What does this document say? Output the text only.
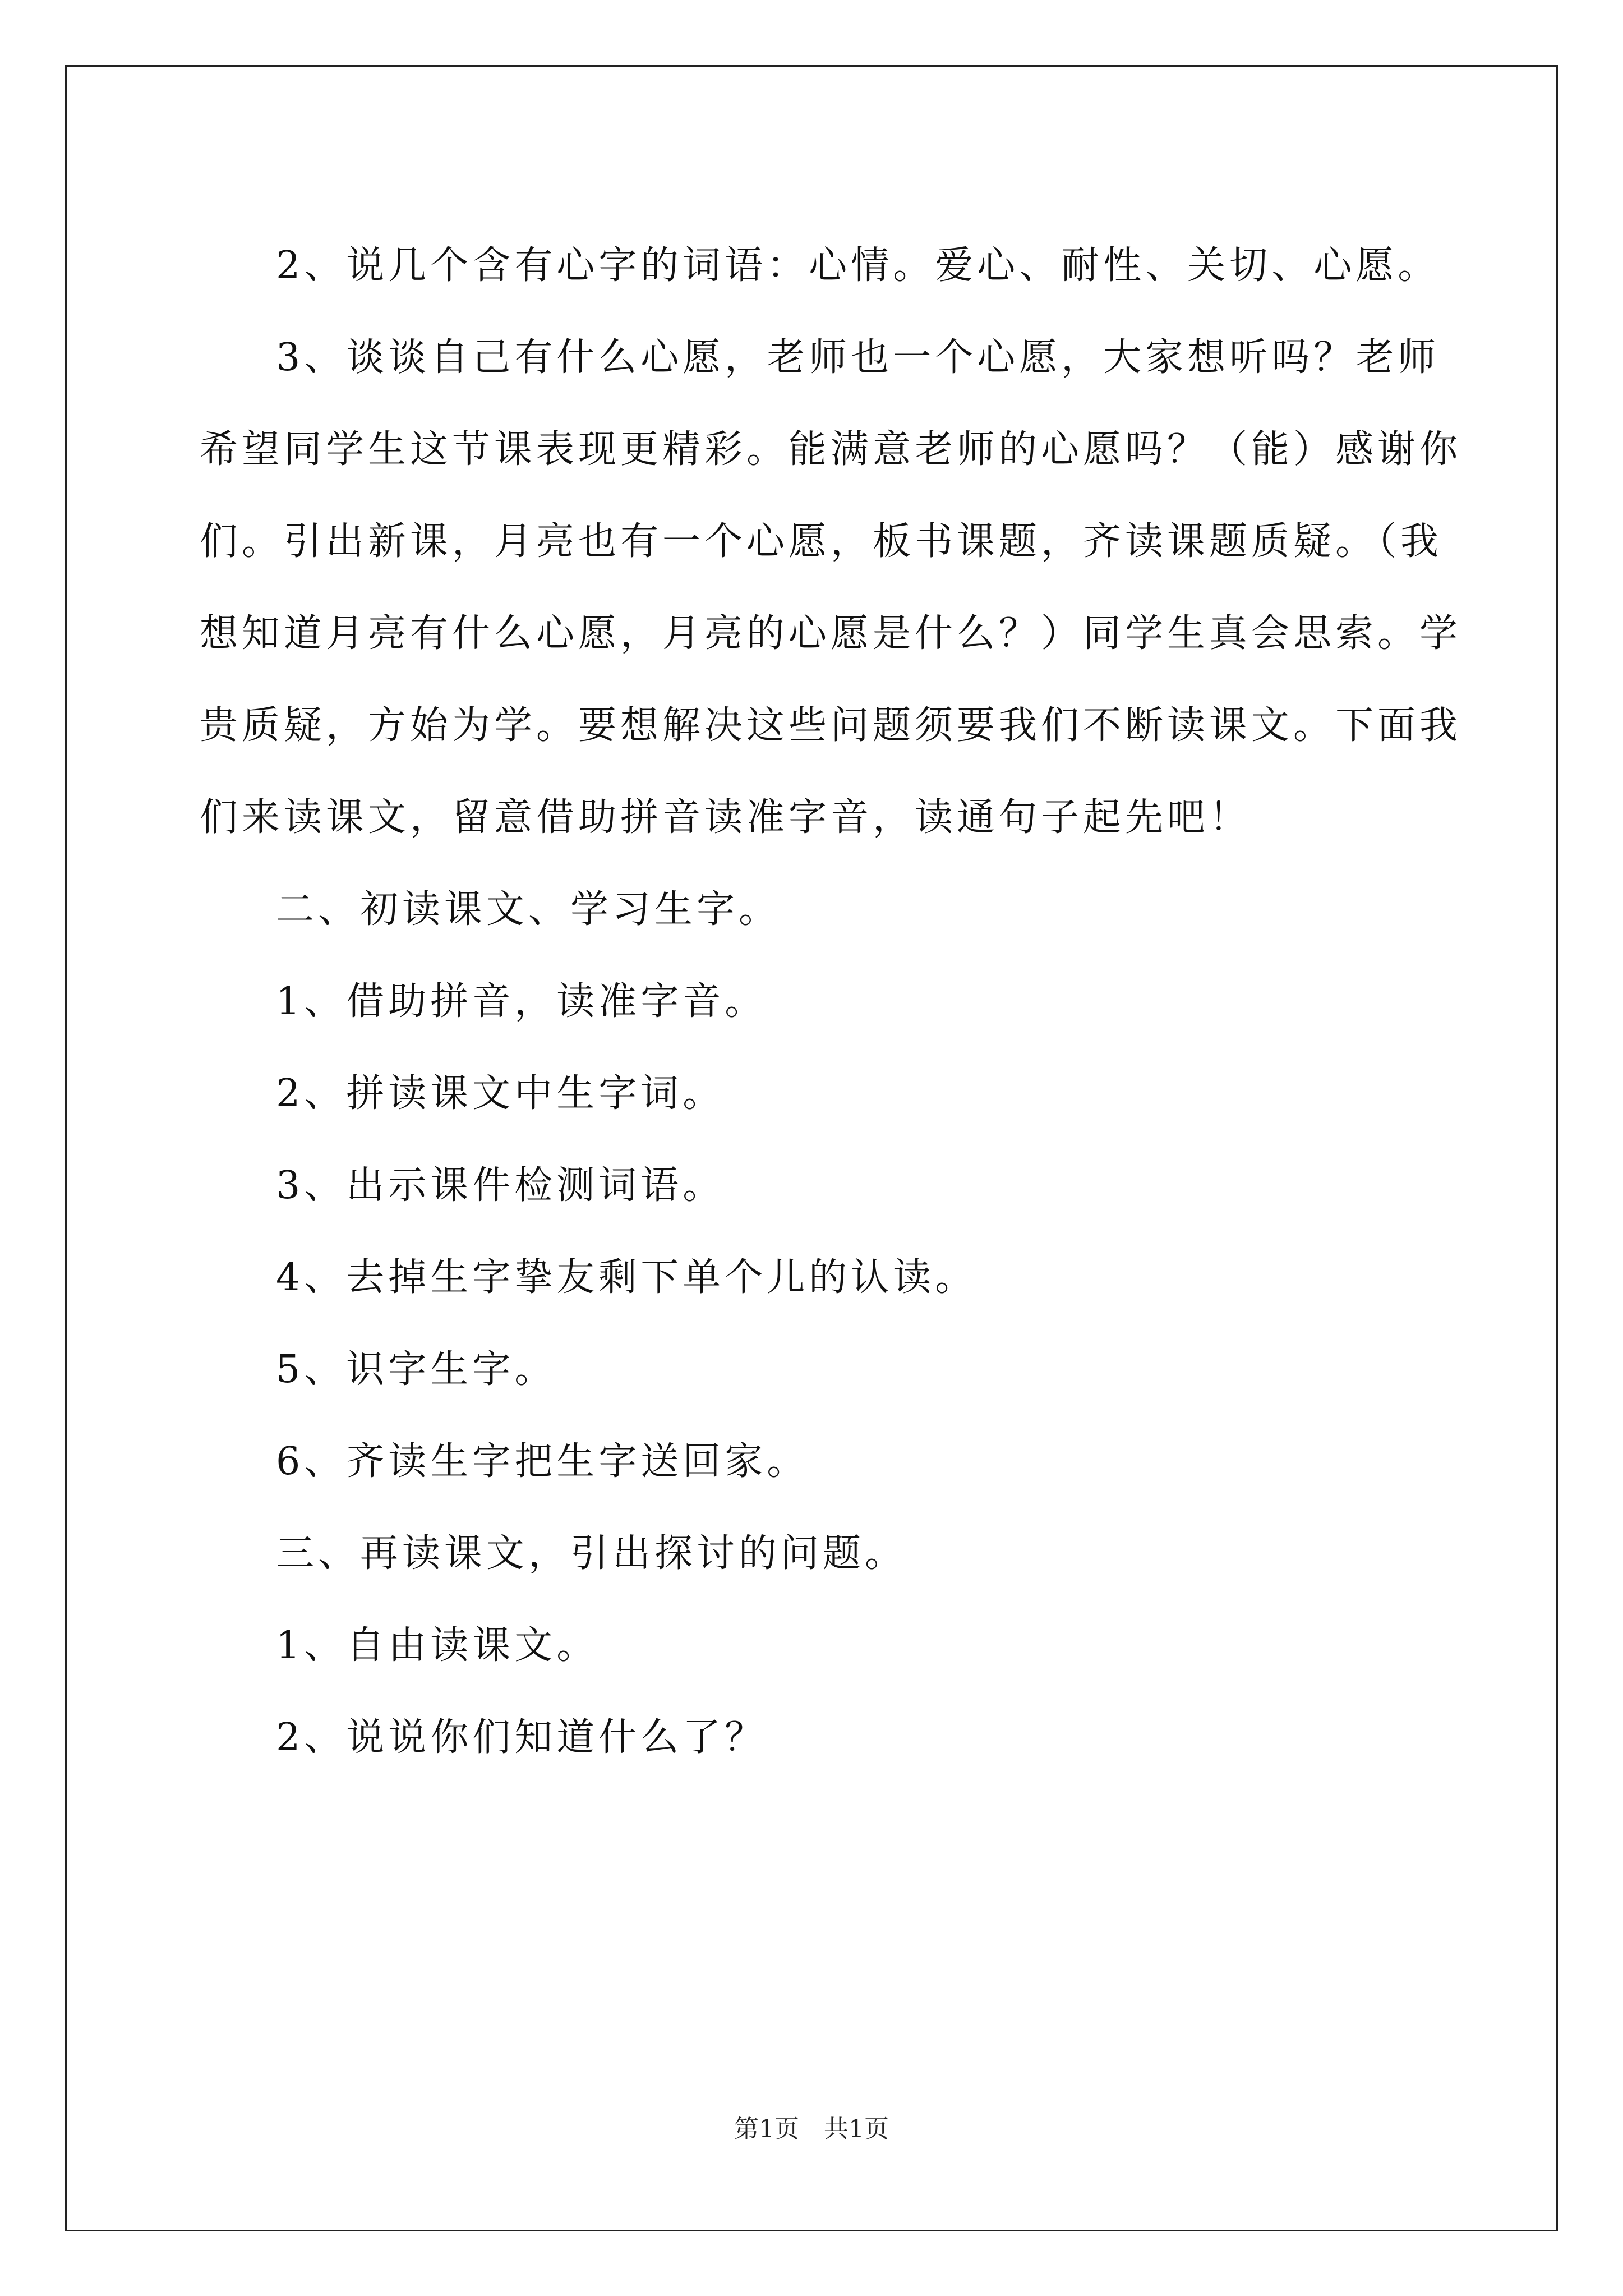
2、说几个含有心字的词语：心情。爱心、耐性、关切、心愿。

3、谈谈自己有什么心愿，老师也一个心愿，大家想听吗？老师希望同学生这节课表现更精彩。能满意老师的心愿吗？（能）感谢你们。引出新课，月亮也有一个心愿，板书课题，齐读课题质疑。（我想知道月亮有什么心愿，月亮的心愿是什么？）同学生真会思索。学贵质疑，方始为学。要想解决这些问题须要我们不断读课文。下面我们来读课文，留意借助拼音读准字音，读通句子起先吧！

二、初读课文、学习生字。

1、借助拼音，读准字音。

2、拼读课文中生字词。

3、出示课件检测词语。

4、去掉生字挚友剩下单个儿的认读。

5、识字生字。

6、齐读生字把生字送回家。

三、再读课文，引出探讨的问题。

1、自由读课文。

2、说说你们知道什么了？

第1页　共1页
